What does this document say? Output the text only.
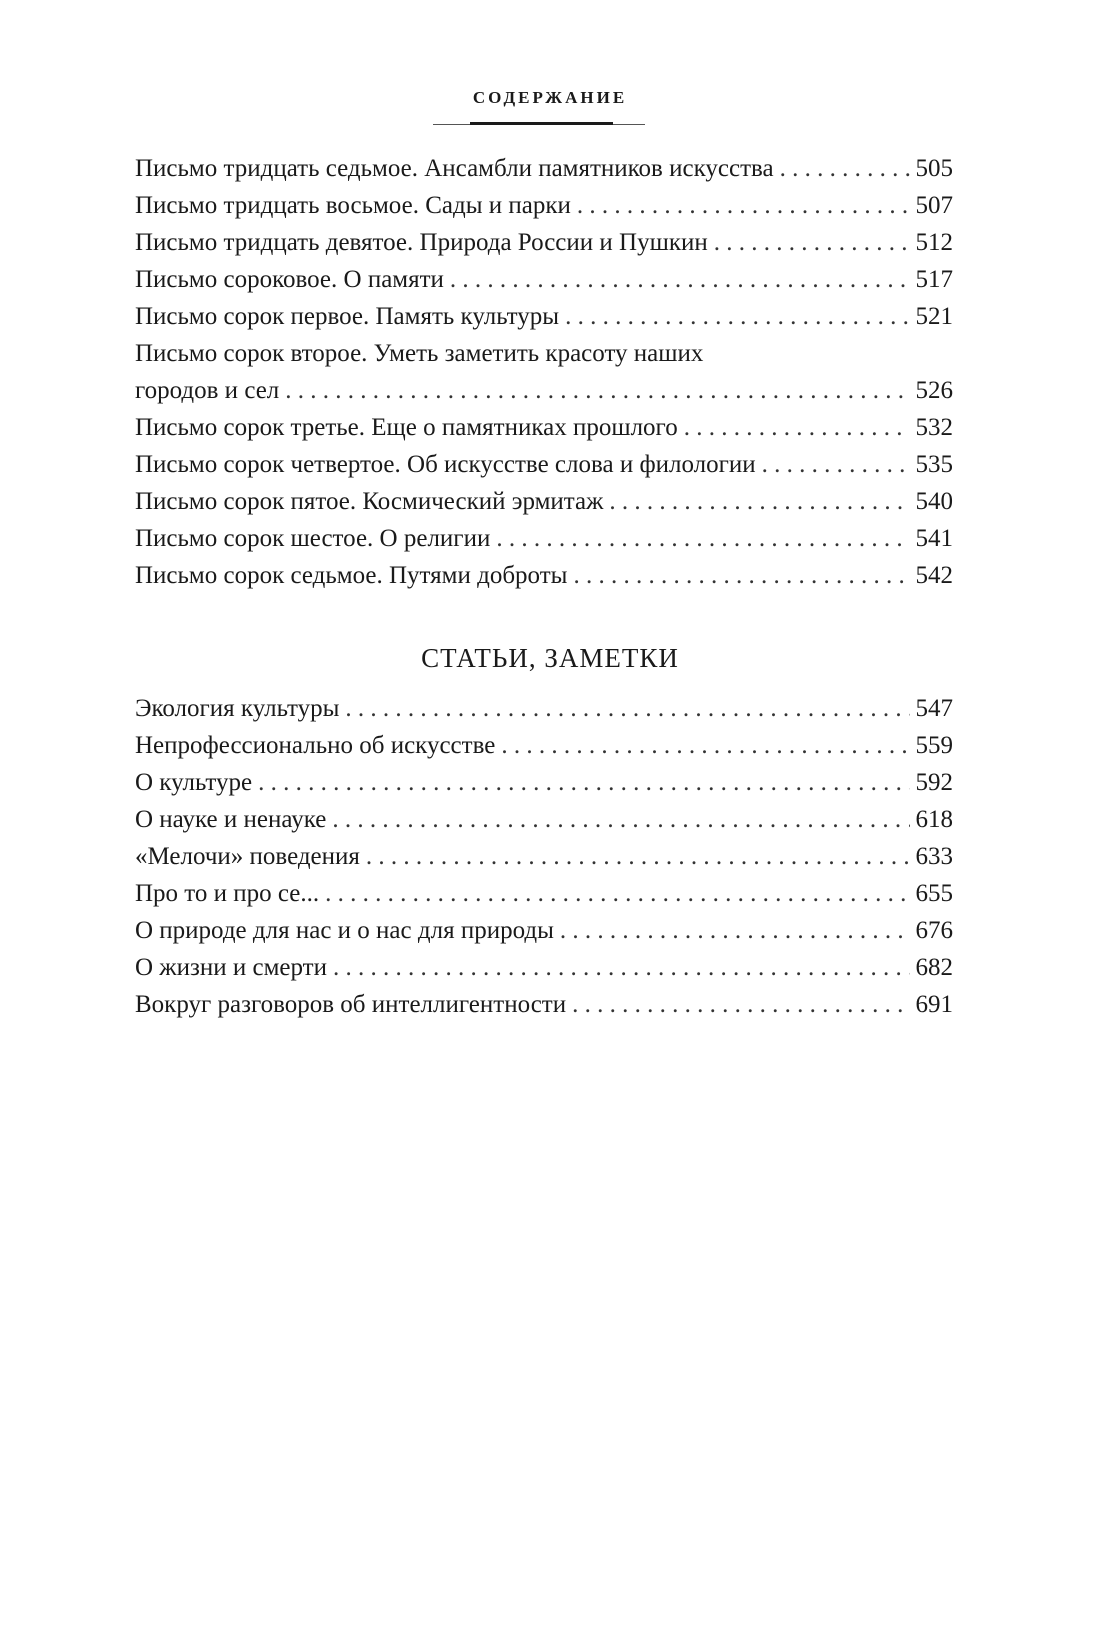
СОДЕРЖАНИЕ
Письмо тридцать седьмое. Ансамбли памятников искусства . . .	505
Письмо тридцать восьмое. Сады и парки . . .	507
Письмо тридцать девятое. Природа России и Пушкин . . .	512
Письмо сороковое. О памяти . . .	517
Письмо сорок первое. Память культуры . . .	521
Письмо сорок второе. Уметь заметить красоту наших
городов и сел . . .	526
Письмо сорок третье. Еще о памятниках прошлого . . .	532
Письмо сорок четвертое. Об искусстве слова и филологии . . .	535
Письмо сорок пятое. Космический эрмитаж . . .	540
Письмо сорок шестое. О религии . . .	541
Письмо сорок седьмое. Путями доброты . . .	542
СТАТЬИ, ЗАМЕТКИ
Экология культуры . . .	547
Непрофессионально об искусстве . . .	559
О культуре . . .	592
О науке и ненауке . . .	618
«Мелочи» поведения . . .	633
Про то и про се... . . .	655
О природе для нас и о нас для природы . . .	676
О жизни и смерти . . .	682
Вокруг разговоров об интеллигентности . . .	691
